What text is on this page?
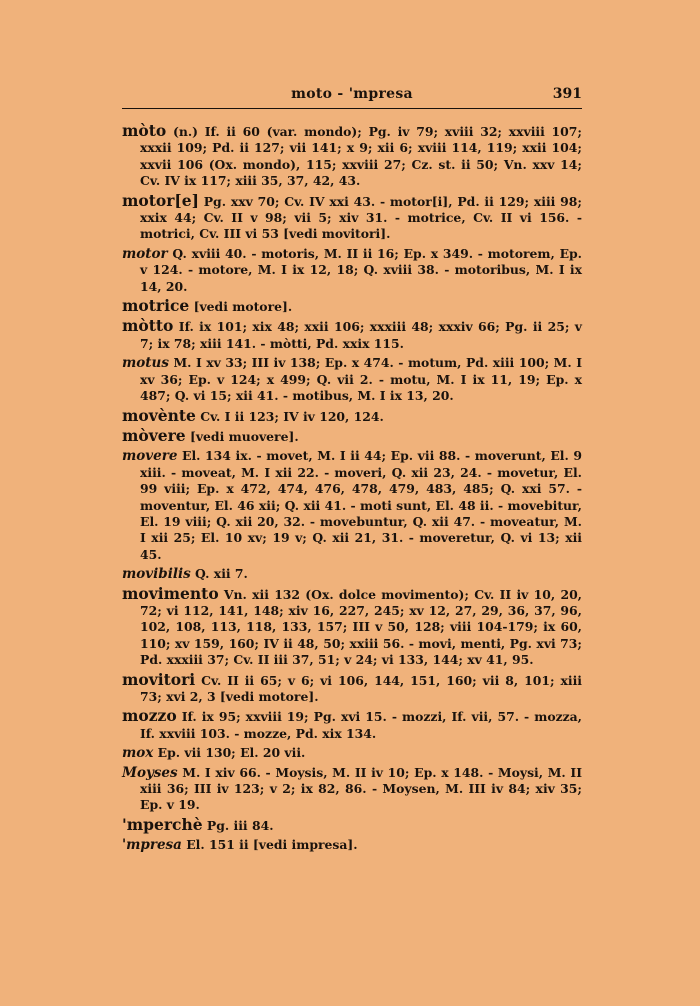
moto - 'mpresa	391

mòto (n.) If. ii 60 (var. mondo); Pg. iv 79; xviii 32; xxviii 107; xxxii 109; Pd. ii 127; vii 141; x 9; xii 6; xviii 114, 119; xxii 104; xxvii 106 (Ox. mondo), 115; xxviii 27; Cz. st. ii 50; Vn. xxv 14; Cv. IV ix 117; xiii 35, 37, 42, 43.

motor[e] Pg. xxv 70; Cv. IV xxi 43. - motor[i], Pd. ii 129; xiii 98; xxix 44; Cv. II v 98; vii 5; xiv 31. - motrice, Cv. II vi 156. - motrici, Cv. III vi 53 [vedi movitori].

motor Q. xviii 40. - motoris, M. II ii 16; Ep. x 349. - motorem, Ep. v 124. - motore, M. I ix 12, 18; Q. xviii 38. - motoribus, M. I ix 14, 20.

motrice [vedi motore].

mòtto If. ix 101; xix 48; xxii 106; xxxiii 48; xxxiv 66; Pg. ii 25; v 7; ix 78; xiii 141. - mòtti, Pd. xxix 115.

motus M. I xv 33; III iv 138; Ep. x 474. - motum, Pd. xiii 100; M. I xv 36; Ep. v 124; x 499; Q. vii 2. - motu, M. I ix 11, 19; Ep. x 487; Q. vi 15; xii 41. - motibus, M. I ix 13, 20.

movènte Cv. I ii 123; IV iv 120, 124.

mòvere [vedi muovere].

movere El. 134 ix. - movet, M. I ii 44; Ep. vii 88. - moverunt, El. 9 xiii. - moveat, M. I xii 22. - moveri, Q. xii 23, 24. - movetur, El. 99 viii; Ep. x 472, 474, 476, 478, 479, 483, 485; Q. xxi 57. - moventur, El. 46 xii; Q. xii 41. - moti sunt, El. 48 ii. - movebitur, El. 19 viii; Q. xii 20, 32. - movebuntur, Q. xii 47. - moveatur, M. I xii 25; El. 10 xv; 19 v; Q. xii 21, 31. - moveretur, Q. vi 13; xii 45.

movibilis Q. xii 7.

movimento Vn. xii 132 (Ox. dolce movimento); Cv. II iv 10, 20, 72; vi 112, 141, 148; xiv 16, 227, 245; xv 12, 27, 29, 36, 37, 96, 102, 108, 113, 118, 133, 157; III v 50, 128; viii 104-179; ix 60, 110; xv 159, 160; IV ii 48, 50; xxiii 56. - movi, menti, Pg. xvi 73; Pd. xxxiii 37; Cv. II iii 37, 51; v 24; vi 133, 144; xv 41, 95.

movitori Cv. II ii 65; v 6; vi 106, 144, 151, 160; vii 8, 101; xiii 73; xvi 2, 3 [vedi motore].

mozzo If. ix 95; xxviii 19; Pg. xvi 15. - mozzi, If. vii, 57. - mozza, If. xxviii 103. - mozze, Pd. xix 134.

mox Ep. vii 130; El. 20 vii.

Moyses M. I xiv 66. - Moysis, M. II iv 10; Ep. x 148. - Moysi, M. II xiii 36; III iv 123; v 2; ix 82, 86. - Moysen, M. III iv 84; xiv 35; Ep. v 19.

'mperchè Pg. iii 84.

'mpresa El. 151 ii [vedi impresa].
